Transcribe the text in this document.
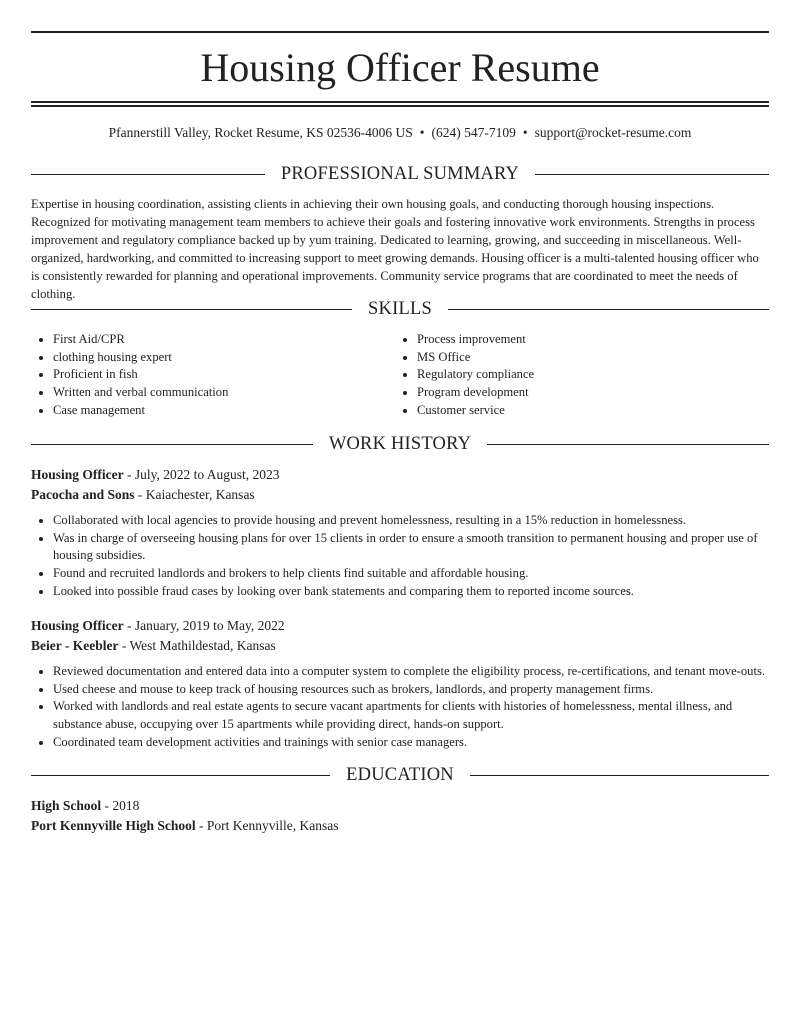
Housing Officer Resume
Pfannerstill Valley, Rocket Resume, KS 02536-4006 US • (624) 547-7109 • support@rocket-resume.com
PROFESSIONAL SUMMARY

Expertise in housing coordination, assisting clients in achieving their own housing goals, and conducting thorough housing inspections. Recognized for motivating management team members to achieve their goals and fostering innovative work environments. Strengths in process improvement and regulatory compliance backed up by yum training. Dedicated to learning, growing, and succeeding in miscellaneous. Well-organized, hardworking, and committed to increasing support to meet growing demands. Housing officer is a multi-talented housing officer who is consistently rewarded for planning and operational improvements. Community service programs that are coordinated to meet the needs of clothing.

SKILLS
• First Aid/CPR
• clothing housing expert
• Proficient in fish
• Written and verbal communication
• Case management
• Process improvement
• MS Office
• Regulatory compliance
• Program development
• Customer service
WORK HISTORY
Housing Officer - July, 2022 to August, 2023
Pacocha and Sons - Kaiachester, Kansas
• Collaborated with local agencies to provide housing and prevent homelessness, resulting in a 15% reduction in homelessness.
• Was in charge of overseeing housing plans for over 15 clients in order to ensure a smooth transition to permanent housing and proper use of housing subsidies.
• Found and recruited landlords and brokers to help clients find suitable and affordable housing.
• Looked into possible fraud cases by looking over bank statements and comparing them to reported income sources.
Housing Officer - January, 2019 to May, 2022
Beier - Keebler - West Mathildestad, Kansas
• Reviewed documentation and entered data into a computer system to complete the eligibility process, re-certifications, and tenant move-outs.
• Used cheese and mouse to keep track of housing resources such as brokers, landlords, and property management firms.
• Worked with landlords and real estate agents to secure vacant apartments for clients with histories of homelessness, mental illness, and substance abuse, occupying over 15 apartments while providing direct, hands-on support.
• Coordinated team development activities and trainings with senior case managers.
EDUCATION
High School - 2018
Port Kennyville High School - Port Kennyville, Kansas
